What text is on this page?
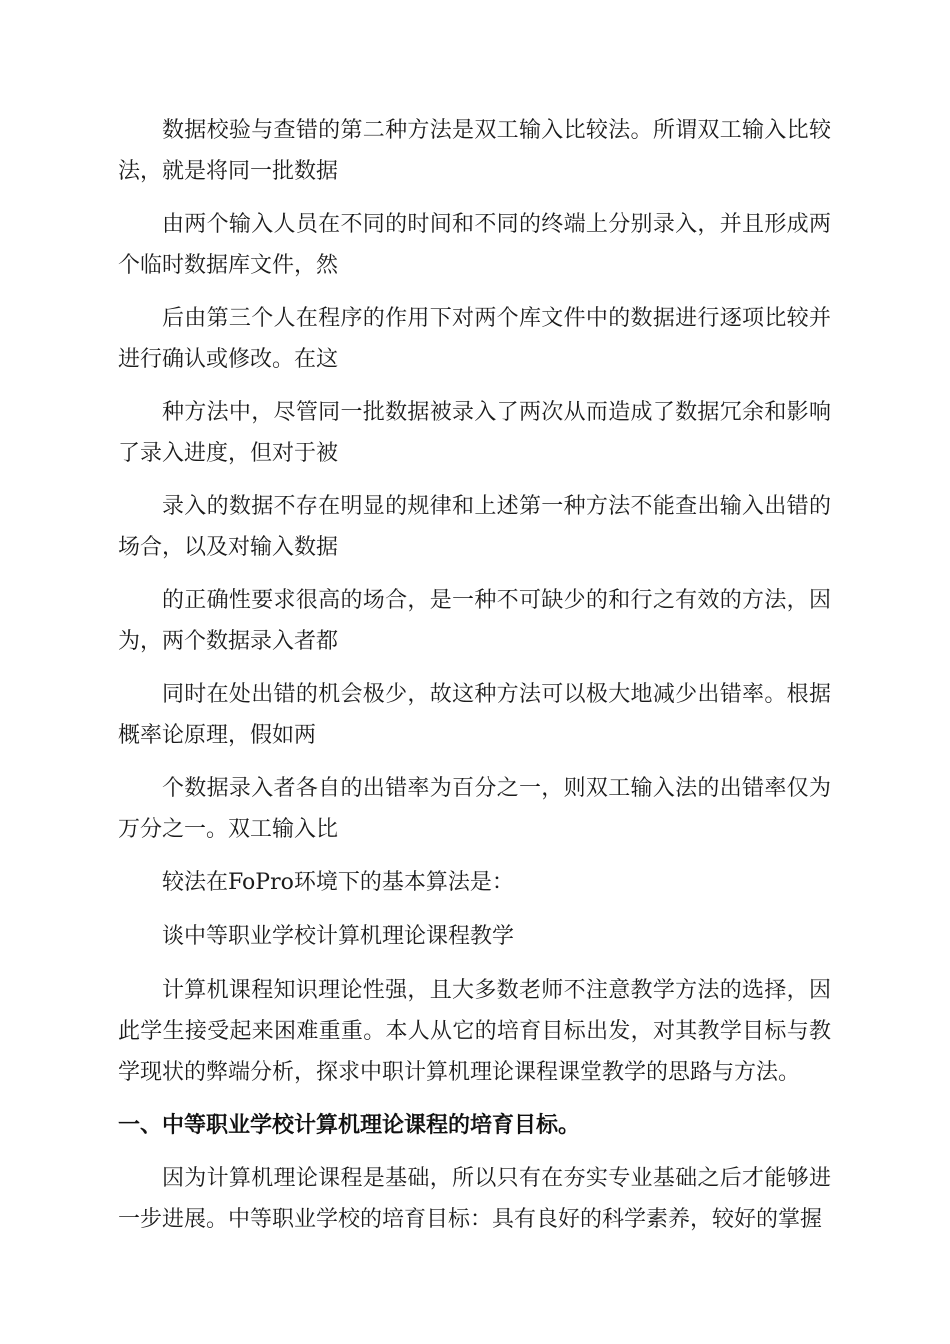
数据校验与查错的第二种方法是双工输入比较法。所谓双工输入比较法，就是将同一批数据

由两个输入人员在不同的时间和不同的终端上分别录入，并且形成两个临时数据库文件，然

后由第三个人在程序的作用下对两个库文件中的数据进行逐项比较并进行确认或修改。在这

种方法中，尽管同一批数据被录入了两次从而造成了数据冗余和影响了录入进度，但对于被

录入的数据不存在明显的规律和上述第一种方法不能查出输入出错的场合，以及对输入数据

的正确性要求很高的场合，是一种不可缺少的和行之有效的方法，因为，两个数据录入者都

同时在处出错的机会极少，故这种方法可以极大地减少出错率。根据概率论原理，假如两

个数据录入者各自的出错率为百分之一，则双工输入法的出错率仅为万分之一。双工输入比

较法在FoPro环境下的基本算法是：

谈中等职业学校计算机理论课程教学

计算机课程知识理论性强，且大多数老师不注意教学方法的选择，因此学生接受起来困难重重。本人从它的培育目标出发，对其教学目标与教学现状的弊端分析，探求中职计算机理论课程课堂教学的思路与方法。

一、中等职业学校计算机理论课程的培育目标。

因为计算机理论课程是基础，所以只有在夯实专业基础之后才能够进一步进展。中等职业学校的培育目标：具有良好的科学素养，较好的掌握
